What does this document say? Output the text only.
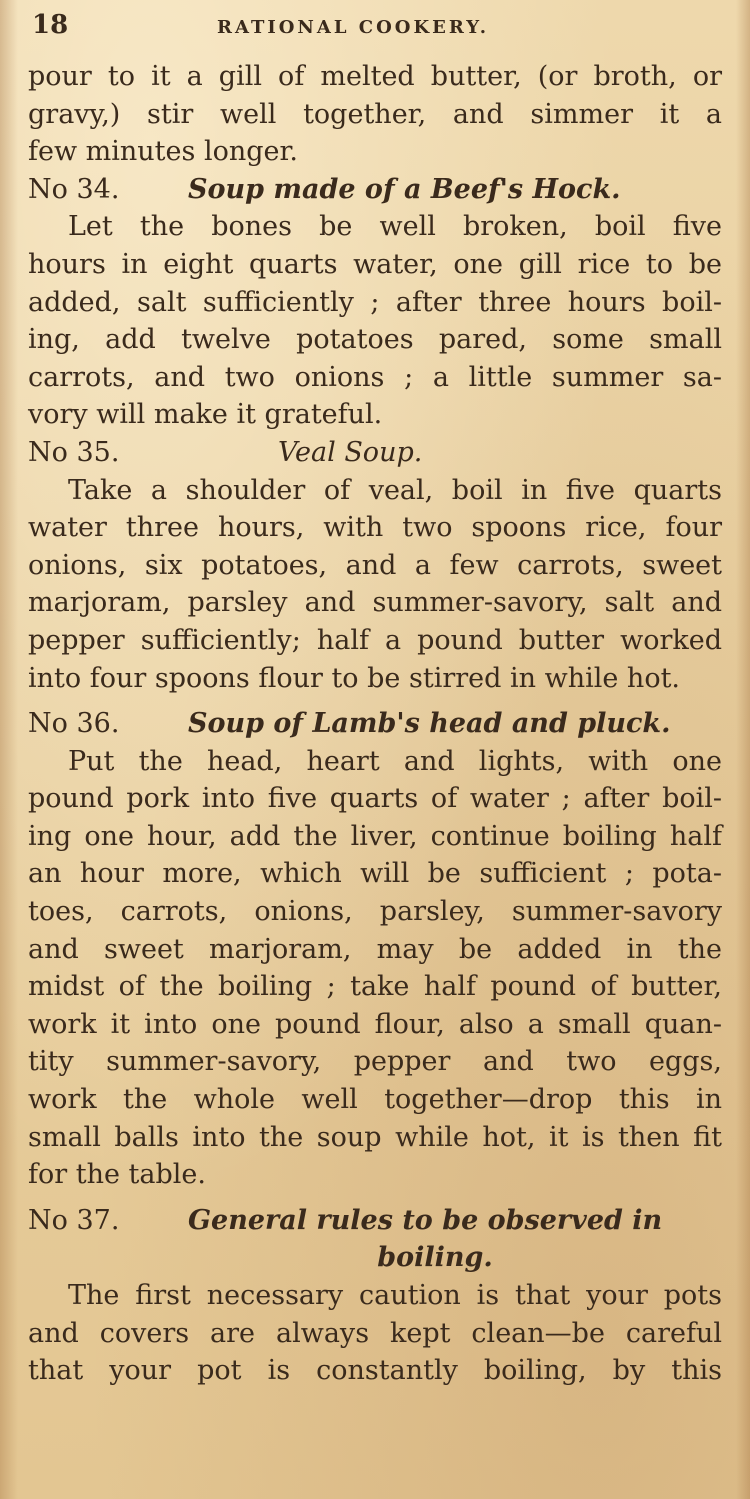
18	RATIONAL COOKERY.
pour to it a gill of melted butter, (or broth, or
gravy,) stir well together, and simmer it a
few minutes longer.
No 34.	Soup made of a Beef's Hock.
Let the bones be well broken, boil five
hours in eight quarts water, one gill rice to be
added, salt sufficiently ; after three hours boil-
ing, add twelve potatoes pared, some small
carrots, and two onions ; a little summer sa-
vory will make it grateful.
No 35.	Veal Soup.
Take a shoulder of veal, boil in five quarts
water three hours, with two spoons rice, four
onions, six potatoes, and a few carrots, sweet
marjoram, parsley and summer-savory, salt and
pepper sufficiently; half a pound butter worked
into four spoons flour to be stirred in while hot.
No 36.	Soup of Lamb's head and pluck.
Put the head, heart and lights, with one
pound pork into five quarts of water ; after boil-
ing one hour, add the liver, continue boiling half
an hour more, which will be sufficient ; pota-
toes, carrots, onions, parsley, summer-savory
and sweet marjoram, may be added in the
midst of the boiling ; take half pound of butter,
work it into one pound flour, also a small quan-
tity summer-savory, pepper and two eggs,
work the whole well together—drop this in
small balls into the soup while hot, it is then fit
for the table.
No 37.	General rules to be observed in
boiling.
The first necessary caution is that your pots
and covers are always kept clean—be careful
that your pot is constantly boiling, by this
